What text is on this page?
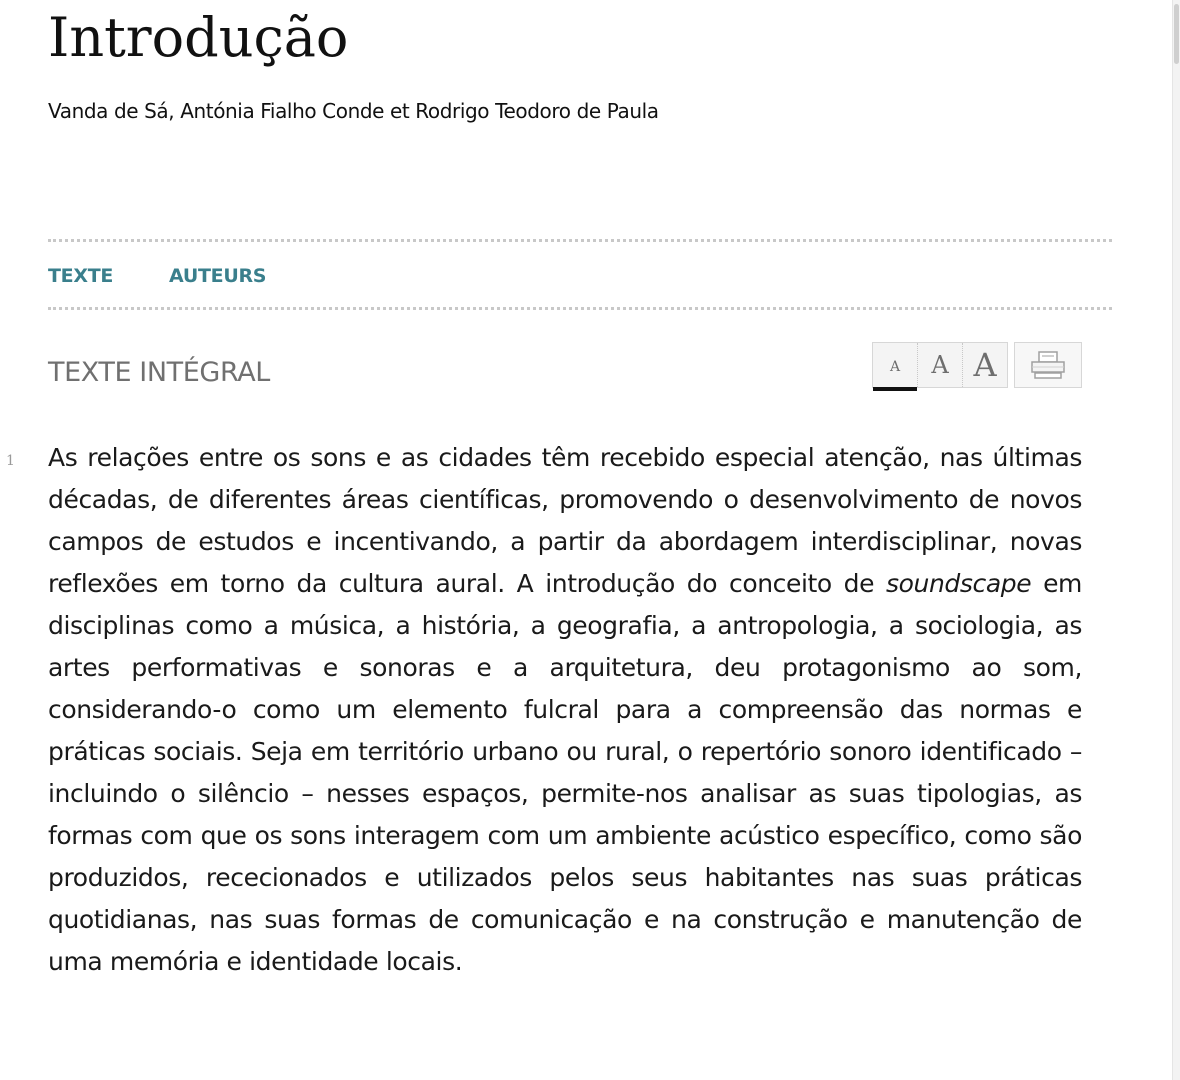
Introdução
Vanda de Sá, Antónia Fialho Conde et Rodrigo Teodoro de Paula
TEXTE	AUTEURS
TEXTE INTÉGRAL	A	A A
1 As relações entre os sons e as cidades têm recebido especial atenção, nas últimas décadas, de diferentes áreas científicas, promovendo o desenvolvimento de novos campos de estudos e incentivando, a partir da abordagem interdisciplinar, novas reflexões em torno da cultura aural. A introdução do conceito de soundscape em disciplinas como a música, a história, a geografia, a antropologia, a sociologia, as artes performativas e sonoras e a arquitetura, deu protagonismo ao som, considerando-o como um elemento fulcral para a compreensão das normas e práticas sociais. Seja em território urbano ou rural, o repertório sonoro identificado – incluindo o silêncio – nesses espaços, permite-nos analisar as suas tipologias, as formas com que os sons interagem com um ambiente acústico específico, como são produzidos, rececionados e utilizados pelos seus habitantes nas suas práticas quotidianas, nas suas formas de comunicação e na construção e manutenção de uma memória e identidade locais.
